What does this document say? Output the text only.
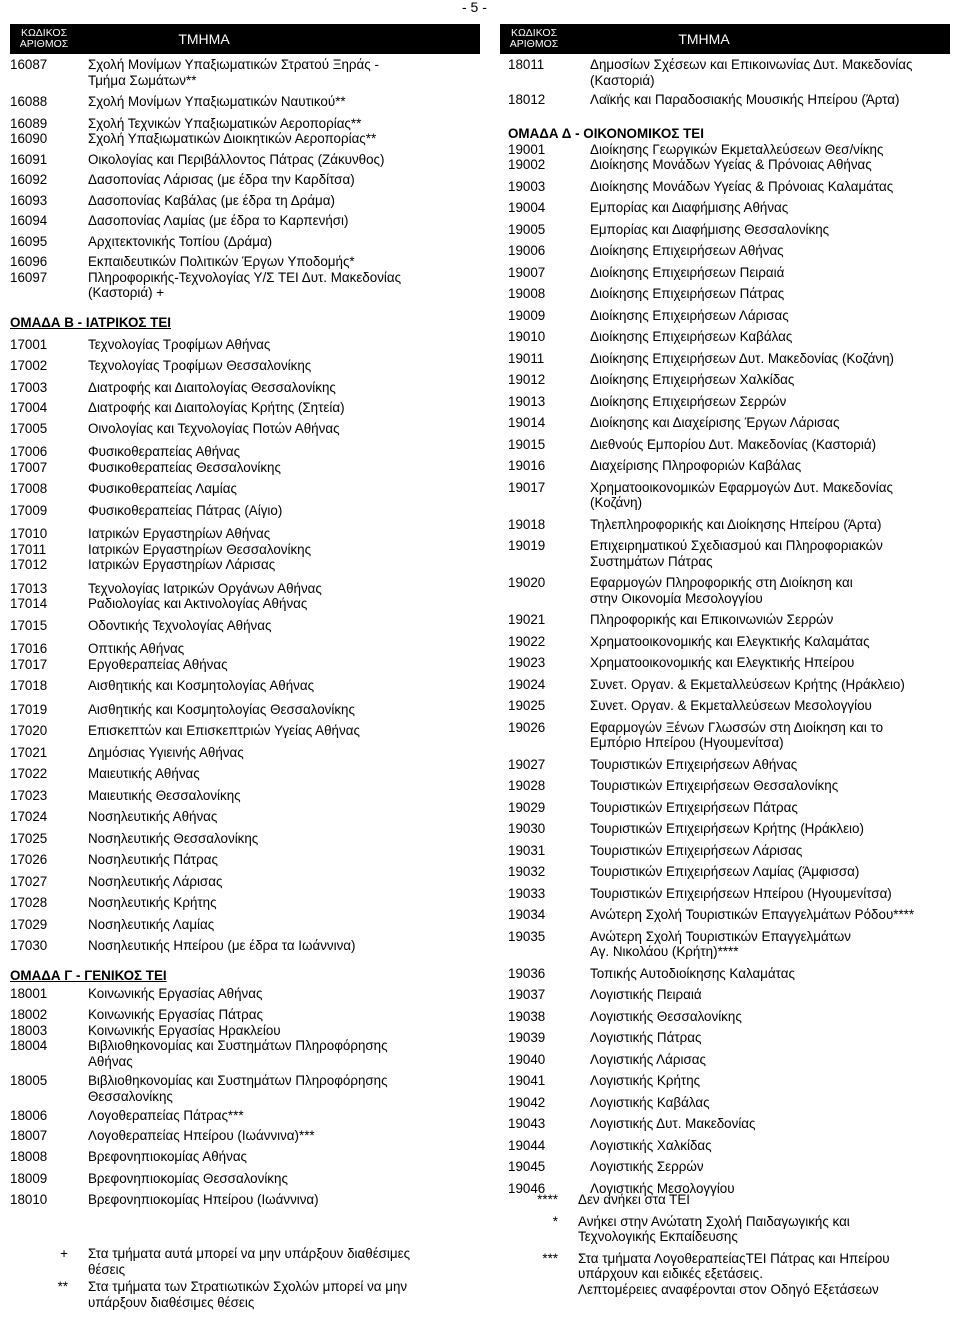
- 5 -
ΚΩΔΙΚΟΣ
ΑΡΙΘΜΟΣ	ΤΜΗΜΑ
16087	Σχολή Μονίμων Υπαξιωματικών Στρατού Ξηράς -
Τμήμα Σωμάτων**
16088	Σχολή Μονίμων Υπαξιωματικών Ναυτικού**
16089	Σχολή Τεχνικών Υπαξιωματικών Αεροπορίας**
16090	Σχολή Υπαξιωματικών Διοικητικών Αεροπορίας**
16091	Οικολογίας και Περιβάλλοντος Πάτρας (Ζάκυνθος)
16092	Δασοπονίας Λάρισας (με έδρα την Καρδίτσα)
16093	Δασοπονίας Καβάλας (με έδρα τη Δράμα)
16094	Δασοπονίας Λαμίας (με έδρα το Καρπενήσι)
16095	Αρχιτεκτονικής Τοπίου (Δράμα)
16096	Εκπαιδευτικών Πολιτικών Έργων Υποδομής*
16097	Πληροφορικής-Τεχνολογίας Υ/Σ ΤΕΙ Δυτ. Μακεδονίας
(Καστοριά) +
ΟΜΑΔΑ Β - ΙΑΤΡΙΚΟΣ ΤΕΙ
17001	Τεχνολογίας Τροφίμων Αθήνας
17002	Τεχνολογίας Τροφίμων Θεσσαλονίκης
17003	Διατροφής και Διαιτολογίας Θεσσαλονίκης
17004	Διατροφής και Διαιτολογίας Κρήτης (Σητεία)
17005	Οινολογίας και Τεχνολογίας Ποτών Αθήνας
17006	Φυσικοθεραπείας Αθήνας
17007	Φυσικοθεραπείας Θεσσαλονίκης
17008	Φυσικοθεραπείας Λαμίας
17009	Φυσικοθεραπείας Πάτρας (Αίγιο)
17010	Ιατρικών Εργαστηρίων Αθήνας
17011	Ιατρικών Εργαστηρίων Θεσσαλονίκης
17012	Ιατρικών Εργαστηρίων Λάρισας
17013	Τεχνολογίας Ιατρικών Οργάνων Αθήνας
17014	Ραδιολογίας και Ακτινολογίας Αθήνας
17015	Οδοντικής Τεχνολογίας Αθήνας
17016	Οπτικής Αθήνας
17017	Εργοθεραπείας Αθήνας
17018	Αισθητικής και Κοσμητολογίας Αθήνας
17019	Αισθητικής και Κοσμητολογίας Θεσσαλονίκης
17020	Επισκεπτών και Επισκεπτριών Υγείας Αθήνας
17021	Δημόσιας Υγιεινής Αθήνας
17022	Μαιευτικής Αθήνας
17023	Μαιευτικής Θεσσαλονίκης
17024	Νοσηλευτικής Αθήνας
17025	Νοσηλευτικής Θεσσαλονίκης
17026	Νοσηλευτικής Πάτρας
17027	Νοσηλευτικής Λάρισας
17028	Νοσηλευτικής Κρήτης
17029	Νοσηλευτικής Λαμίας
17030	Νοσηλευτικής Ηπείρου (με έδρα τα Ιωάννινα)
ΟΜΑΔΑ Γ - ΓΕΝΙΚΟΣ ΤΕΙ
18001	Κοινωνικής Εργασίας Αθήνας
18002	Κοινωνικής Εργασίας Πάτρας
18003	Κοινωνικής Εργασίας Ηρακλείου
18004	Βιβλιοθηκονομίας και Συστημάτων Πληροφόρησης
Αθήνας
18005	Βιβλιοθηκονομίας και Συστημάτων Πληροφόρησης
Θεσσαλονίκης
18006	Λογοθεραπείας Πάτρας***
18007	Λογοθεραπείας Ηπείρου (Ιωάννινα)***
18008	Βρεφονηπιοκομίας Αθήνας
18009	Βρεφονηπιοκομίας Θεσσαλονίκης
18010	Βρεφονηπιοκομίας Ηπείρου (Ιωάννινα)
+ Στα τμήματα αυτά μπορεί να μην υπάρξουν διαθέσιμες
θέσεις
** Στα τμήματα των Στρατιωτικών Σχολών μπορεί να μην
υπάρξουν διαθέσιμες θέσεις
ΚΩΔΙΚΟΣ
ΑΡΙΘΜΟΣ	ΤΜΗΜΑ
18011	Δημοσίων Σχέσεων και Επικοινωνίας Δυτ. Μακεδονίας
(Καστοριά)
18012	Λαϊκής και Παραδοσιακής Μουσικής Ηπείρου (Άρτα)
ΟΜΑΔΑ Δ - ΟΙΚΟΝΟΜΙΚΟΣ ΤΕΙ
19001	Διοίκησης Γεωργικών Εκμεταλλεύσεων Θεσ/νίκης
19002	Διοίκησης Μονάδων Υγείας & Πρόνοιας Αθήνας
19003	Διοίκησης Μονάδων Υγείας & Πρόνοιας Καλαμάτας
19004	Εμπορίας και Διαφήμισης Αθήνας
19005	Εμπορίας και Διαφήμισης Θεσσαλονίκης
19006	Διοίκησης Επιχειρήσεων Αθήνας
19007	Διοίκησης Επιχειρήσεων Πειραιά
19008	Διοίκησης Επιχειρήσεων Πάτρας
19009	Διοίκησης Επιχειρήσεων Λάρισας
19010	Διοίκησης Επιχειρήσεων Καβάλας
19011	Διοίκησης Επιχειρήσεων Δυτ. Μακεδονίας (Κοζάνη)
19012	Διοίκησης Επιχειρήσεων Χαλκίδας
19013	Διοίκησης Επιχειρήσεων Σερρών
19014	Διοίκησης και Διαχείρισης Έργων Λάρισας
19015	Διεθνούς Εμπορίου Δυτ. Μακεδονίας (Καστοριά)
19016	Διαχείρισης Πληροφοριών Καβάλας
19017	Χρηματοοικονομικών Εφαρμογών Δυτ. Μακεδονίας
(Κοζάνη)
19018	Τηλεπληροφορικής και Διοίκησης Ηπείρου (Άρτα)
19019	Επιχειρηματικού Σχεδιασμού και Πληροφοριακών
Συστημάτων Πάτρας
19020	Εφαρμογών Πληροφορικής στη Διοίκηση και
στην Οικονομία Μεσολογγίου
19021	Πληροφορικής και Επικοινωνιών Σερρών
19022	Χρηματοοικονομικής και Ελεγκτικής Καλαμάτας
19023	Χρηματοοικονομικής και Ελεγκτικής Ηπείρου
19024	Συνετ. Οργαν. & Εκμεταλλεύσεων Κρήτης (Ηράκλειο)
19025	Συνετ. Οργαν. & Εκμεταλλεύσεων Μεσολογγίου
19026	Εφαρμογών Ξένων Γλωσσών στη Διοίκηση και το
Εμπόριο Ηπείρου (Ηγουμενίτσα)
19027	Τουριστικών Επιχειρήσεων Αθήνας
19028	Τουριστικών Επιχειρήσεων Θεσσαλονίκης
19029	Τουριστικών Επιχειρήσεων Πάτρας
19030	Τουριστικών Επιχειρήσεων Κρήτης (Ηράκλειο)
19031	Τουριστικών Επιχειρήσεων Λάρισας
19032	Τουριστικών Επιχειρήσεων Λαμίας (Άμφισσα)
19033	Τουριστικών Επιχειρήσεων Ηπείρου (Ηγουμενίτσα)
19034	Ανώτερη Σχολή Τουριστικών Επαγγελμάτων Ρόδου****
19035	Ανώτερη Σχολή Τουριστικών Επαγγελμάτων
Αγ. Νικολάου (Κρήτη)****
19036	Τοπικής Αυτοδιοίκησης Καλαμάτας
19037	Λογιστικής Πειραιά
19038	Λογιστικής Θεσσαλονίκης
19039	Λογιστικής Πάτρας
19040	Λογιστικής Λάρισας
19041	Λογιστικής Κρήτης
19042	Λογιστικής Καβάλας
19043	Λογιστικής Δυτ. Μακεδονίας
19044	Λογιστικής Χαλκίδας
19045	Λογιστικής Σερρών
19046	Λογιστικής Μεσολογγίου
**** Δεν ανήκει στα ΤΕΙ
* Ανήκει στην Ανώτατη Σχολή Παιδαγωγικής και
Τεχνολογικής Εκπαίδευσης
*** Στα τμήματα ΛογοθεραπείαςΤΕΙ Πάτρας και Ηπείρου
υπάρχουν και ειδικές εξετάσεις.
Λεπτομέρειες αναφέρονται στον Οδηγό Εξετάσεων
